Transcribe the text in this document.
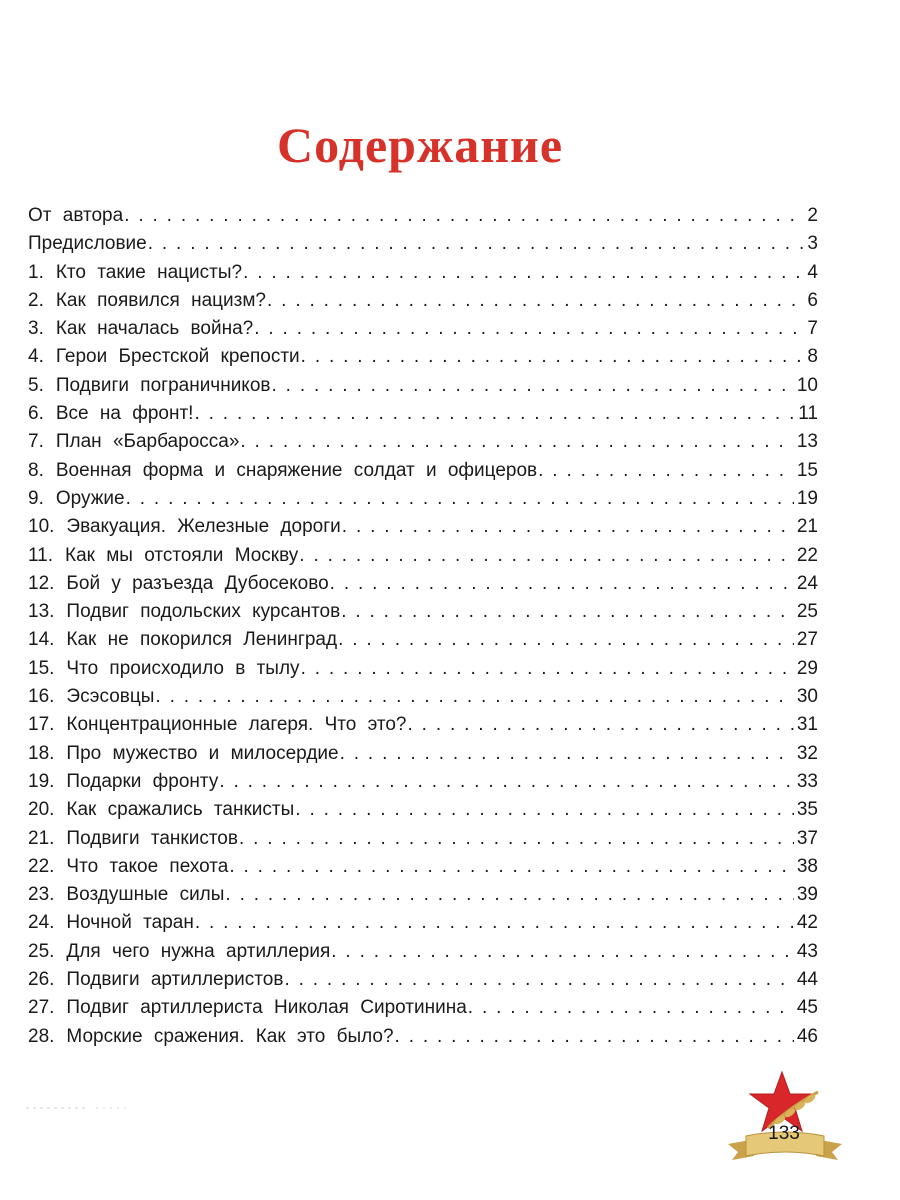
Содержание
От автора . . .	2
Предисловие . . .	3
1. Кто такие нацисты? . . .	4
2. Как появился нацизм? . . .	6
3. Как началась война? . . .	7
4. Герои Брестской крепости . . .	8
5. Подвиги пограничников . . .	10
6. Все на фронт! . . .	11
7. План «Барбаросса» . . .	13
8. Военная форма и снаряжение солдат и офицеров . . .	15
9. Оружие . . .	19
10. Эвакуация. Железные дороги . . .	21
11. Как мы отстояли Москву . . .	22
12. Бой у разъезда Дубосеково . . .	24
13. Подвиг подольских курсантов . . .	25
14. Как не покорился Ленинград . . .	27
15. Что происходило в тылу . . .	29
16. Эсэсовцы . . .	30
17. Концентрационные лагеря. Что это? . . .	31
18. Про мужество и милосердие . . .	32
19. Подарки фронту . . .	33
20. Как сражались танкисты . . .	35
21. Подвиги танкистов . . .	37
22. Что такое пехота . . .	38
23. Воздушные силы . . .	39
24. Ночной таран . . .	42
25. Для чего нужна артиллерия . . .	43
26. Подвиги артиллеристов . . .	44
27. Подвиг артиллериста Николая Сиротинина . . .	45
28. Морские сражения. Как это было? . . .	46
133
